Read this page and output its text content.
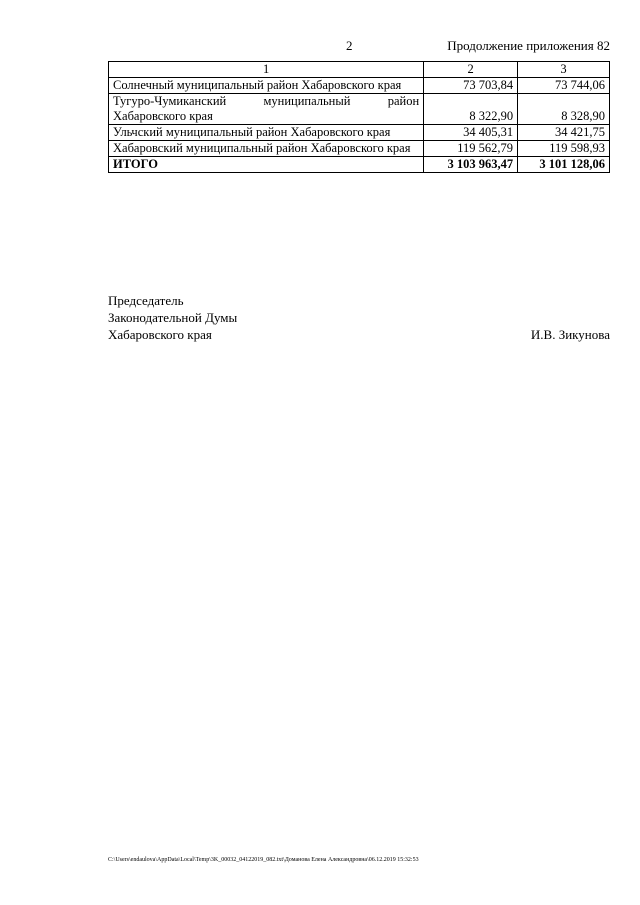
2	Продолжение приложения 82
1	2	3
Солнечный муниципальный район Хабаровского края	73 703,84	73 744,06
Тугуро-Чумиканский муниципальный район Хабаровского края	8 322,90	8 328,90
Ульчский муниципальный район Хабаровского края	34 405,31	34 421,75
Хабаровский муниципальный район Хабаровского края	119 562,79	119 598,93
ИТОГО	3 103 963,47	3 101 128,06
Председатель
Законодательной Думы
Хабаровского края	И.В. Зикунова
C:\Users\endaulova\AppData\Local\Temp\3K_00032_04122019_082.txt\Доманова Елена Александровна\06.12.2019 15:32:53
